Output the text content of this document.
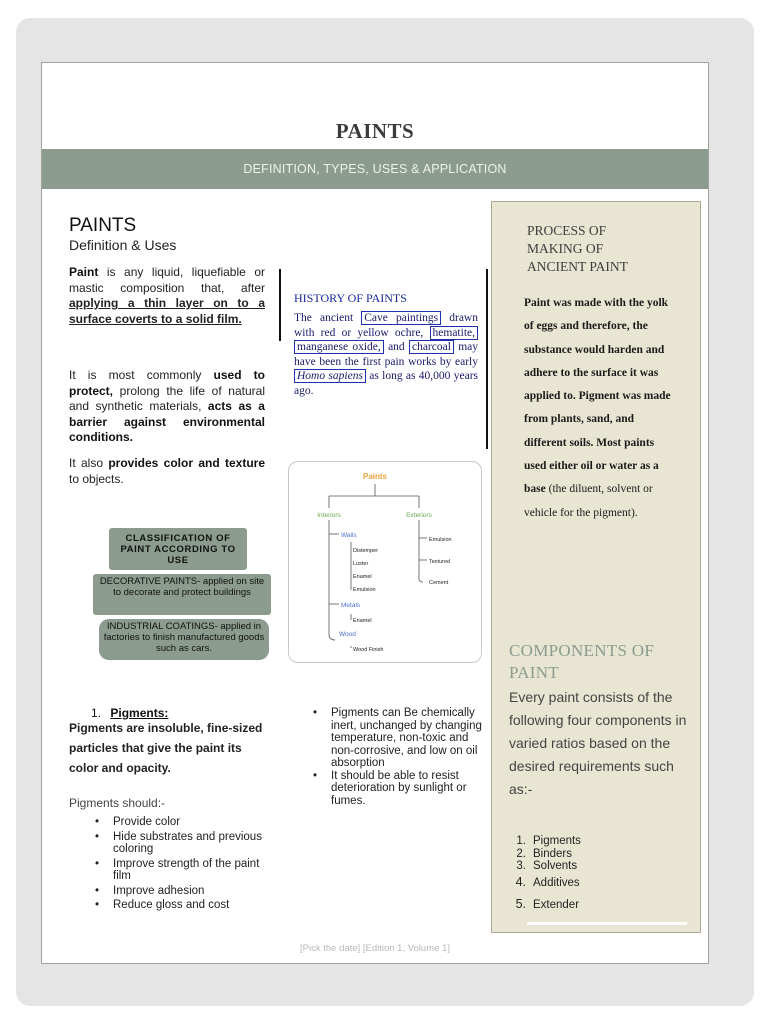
PAINTS
DEFINITION, TYPES, USES & APPLICATION
PAINTS
Definition & Uses
Paint is any liquid, liquefiable or mastic composition that, after applying a thin layer on to a surface coverts to a solid film.
It is most commonly used to protect, prolong the life of natural and synthetic materials, acts as a barrier against environmental conditions.
It also provides color and texture to objects.
HISTORY OF PAINTS
The ancient Cave paintings drawn with red or yellow ochre, hematite, manganese oxide, and charcoal may have been the first pain works by early Homo sapiens as long as 40,000 years ago.
Paints
Interiors	Exteriors
Walls
Distemper
Luster
Enamel
Emulsion
Metals
Enamel
Wood
Wood Finish
Emulsion
Textured
Cement
CLASSIFICATION OF PAINT ACCORDING TO USE
DECORATIVE PAINTS- applied on site to decorate and protect buildings
INDUSTRIAL COATINGS- applied in factories to finish manufactured goods such as cars.
1. Pigments:
Pigments are insoluble, fine-sized particles that give the paint its color and opacity.
Pigments should:-
• Provide color
• Hide substrates and previous coloring
• Improve strength of the paint film
• Improve adhesion
• Reduce gloss and cost
• Pigments can Be chemically inert, unchanged by changing temperature, non-toxic and non-corrosive, and low on oil absorption
• It should be able to resist deterioration by sunlight or fumes.
PROCESS OF MAKING OF ANCIENT PAINT
Paint was made with the yolk of eggs and therefore, the substance would harden and adhere to the surface it was applied to. Pigment was made from plants, sand, and different soils. Most paints used either oil or water as a base (the diluent, solvent or vehicle for the pigment).
COMPONENTS OF PAINT
Every paint consists of the following four components in varied ratios based on the desired requirements such as:-
1. Pigments
2. Binders
3. Solvents
4. Additives
5. Extender
[Pick the date] [Edition 1, Volume 1]
